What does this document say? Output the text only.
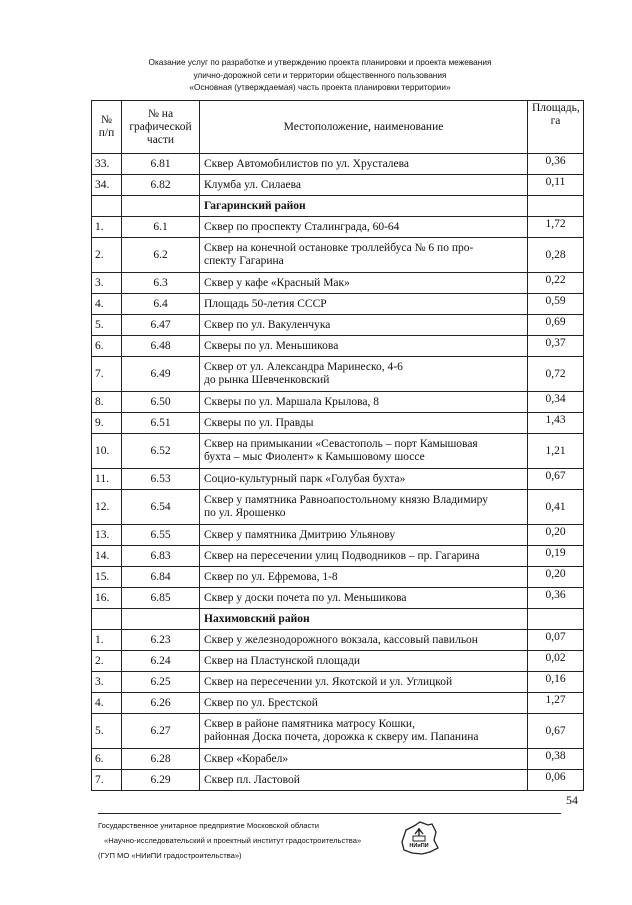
Оказание услуг по разработке и утверждению проекта планировки и проекта межевания
улично-дорожной сети и территории общественного пользования
«Основная (утверждаемая) часть проекта планировки территории»
№
п/п	№ на
графической
части	Местоположение, наименование	Площадь,
га
33.	6.81	Сквер Автомобилистов по ул. Хрусталева	0,36
34.	6.82	Клумба ул. Силаева	0,11
		Гагаринский район	
1.	6.1	Сквер по проспекту Сталинграда, 60-64	1,72
2.	6.2	Сквер на конечной остановке троллейбуса № 6 по про-
спекту Гагарина	0,28
3.	6.3	Сквер у кафе «Красный Мак»	0,22
4.	6.4	Площадь 50-летия СССР	0,59
5.	6.47	Сквер по ул. Вакуленчука	0,69
6.	6.48	Скверы по ул. Меньшикова	0,37
7.	6.49	Сквер от ул. Александра Маринеско, 4-6
до рынка Шевченковский	0,72
8.	6.50	Скверы по ул. Маршала Крылова, 8	0,34
9.	6.51	Скверы по ул. Правды	1,43
10.	6.52	Сквер на примыкании «Севастополь – порт Камышовая
бухта – мыс Фиолент» к Камышовому шоссе	1,21
11.	6.53	Социо-культурный парк «Голубая бухта»	0,67
12.	6.54	Сквер у памятника Равноапостольному князю Владимиру
по ул. Ярошенко	0,41
13.	6.55	Сквер у памятника Дмитрию Ульянову	0,20
14.	6.83	Сквер на пересечении улиц Подводников – пр. Гагарина	0,19
15.	6.84	Сквер по ул. Ефремова, 1-8	0,20
16.	6.85	Сквер у доски почета по ул. Меньшикова	0,36
		Нахимовский район	
1.	6.23	Сквер у железнодорожного вокзала, кассовый павильон	0,07
2.	6.24	Сквер на Пластунской площади	0,02
3.	6.25	Сквер на пересечении ул. Якотской и ул. Углицкой	0,16
4.	6.26	Сквер по ул. Брестской	1,27
5.	6.27	Сквер в районе памятника матросу Кошки,
районная Доска почета, дорожка к скверу им. Папанина	0,67
6.	6.28	Сквер «Корабел»	0,38
7.	6.29	Сквер пл. Ластовой	0,06
54
Государственное унитарное предприятие Московской области
«Научно-исследовательский и проектный институт градостроительства»
(ГУП МО «НИиПИ градостроительства»)
НИиПИ
